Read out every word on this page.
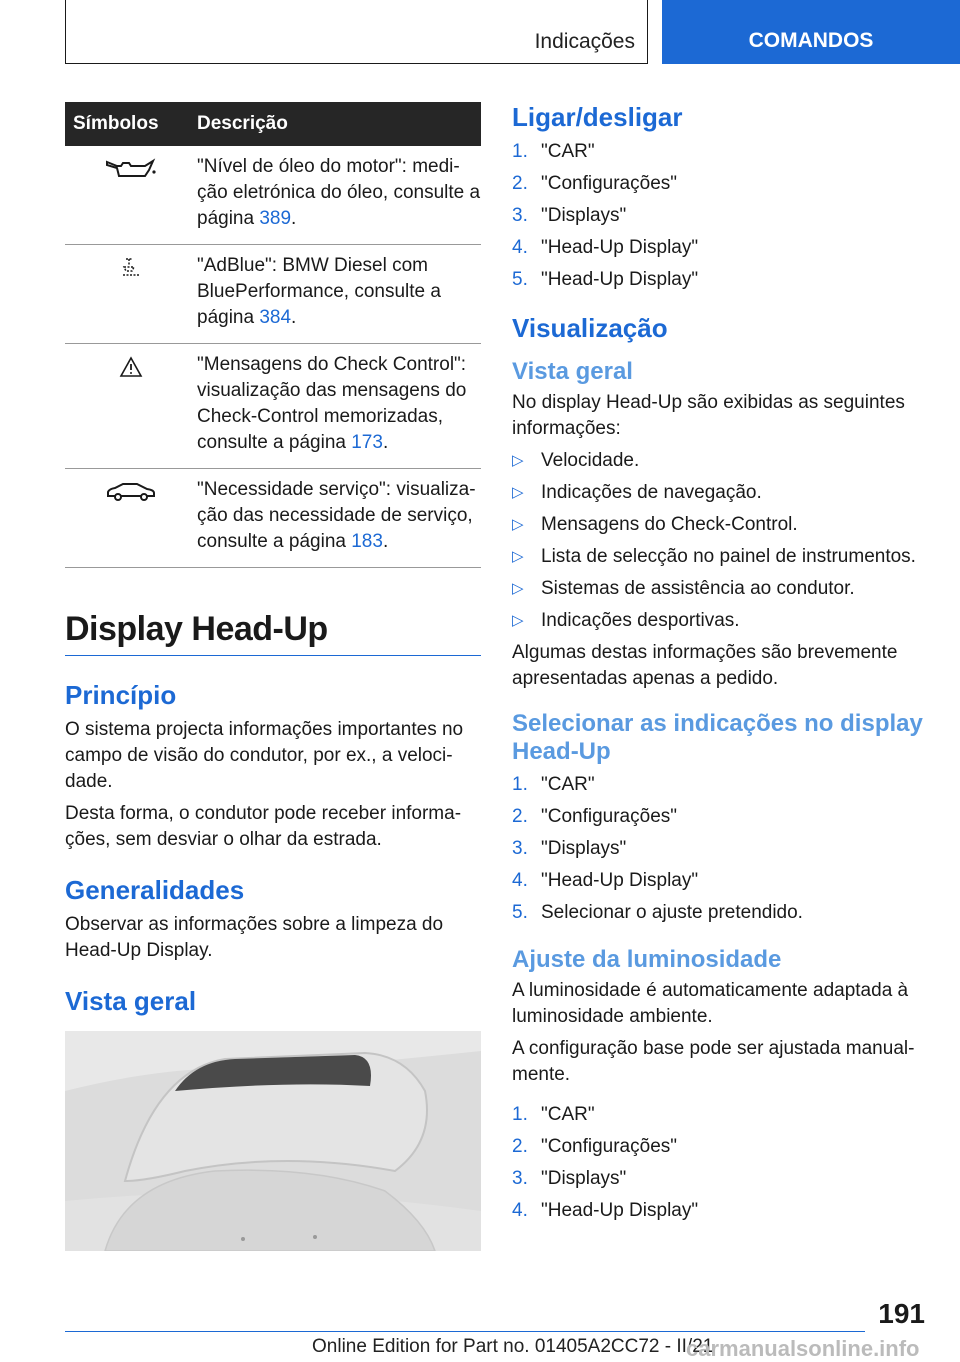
Indicações	COMANDOS
Símbolos	Descrição
	"Nível de óleo do motor": medição eletrónica do óleo, consulte a página 389.
	"AdBlue": BMW Diesel com BluePerformance, consulte a página 384.
	"Mensagens do Check Control": visualização das mensagens do Check-Control memorizadas, consulte a página 173.
	"Necessidade serviço": visualização das necessidade de serviço, consulte a página 183.
Display Head-Up
Princípio

O sistema projecta informações importantes no campo de visão do condutor, por ex., a velocidade.

Desta forma, o condutor pode receber informações, sem desviar o olhar da estrada.

Generalidades

Observar as informações sobre a limpeza do Head-Up Display.

Vista geral
Ligar/desligar
1. "CAR"
2. "Configurações"
3. "Displays"
4. "Head-Up Display"
5. "Head-Up Display"
Visualização
Vista geral

No display Head-Up são exibidas as seguintes informações:

▷ Velocidade.
▷ Indicações de navegação.
▷ Mensagens do Check-Control.
▷ Lista de selecção no painel de instrumentos.
▷ Sistemas de assistência ao condutor.
▷ Indicações desportivas.

Algumas destas informações são brevemente apresentadas apenas a pedido.

Selecionar as indicações no display Head-Up
1. "CAR"
2. "Configurações"
3. "Displays"
4. "Head-Up Display"
5. Selecionar o ajuste pretendido.
Ajuste da luminosidade

A luminosidade é automaticamente adaptada à luminosidade ambiente.

A configuração base pode ser ajustada manualmente.

1. "CAR"
2. "Configurações"
3. "Displays"
4. "Head-Up Display"
191
Online Edition for Part no. 01405A2CC72 - II/21
carmanualsonline.info
